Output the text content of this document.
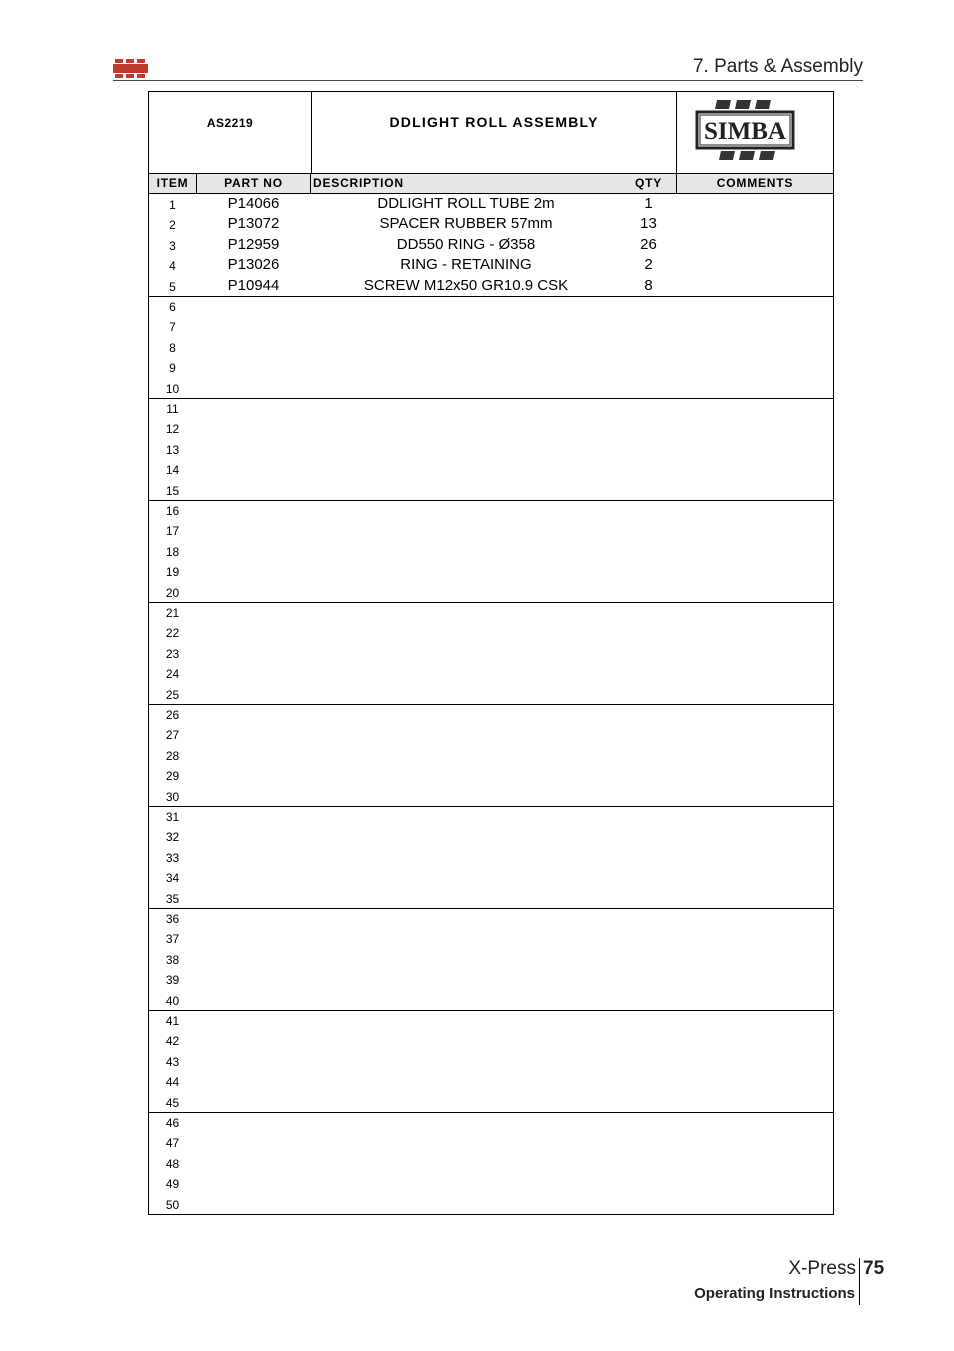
7. Parts & Assembly
AS2219	DDLIGHT ROLL ASSEMBLY	SIMBA
ITEM	PART NO	DESCRIPTION	QTY	COMMENTS
1	P14066	DDLIGHT ROLL TUBE 2m	1
2	P13072	SPACER RUBBER 57mm	13
3	P12959	DD550 RING - Ø358	26
4	P13026	RING - RETAINING	2
5	P10944	SCREW M12x50 GR10.9 CSK	8
6
7
8
9
10
11
12
13
14
15
16
17
18
19
20
21
22
23
24
25
26
27
28
29
30
31
32
33
34
35
36
37
38
39
40
41
42
43
44
45
46
47
48
49
50
X-Press 75
Operating Instructions
